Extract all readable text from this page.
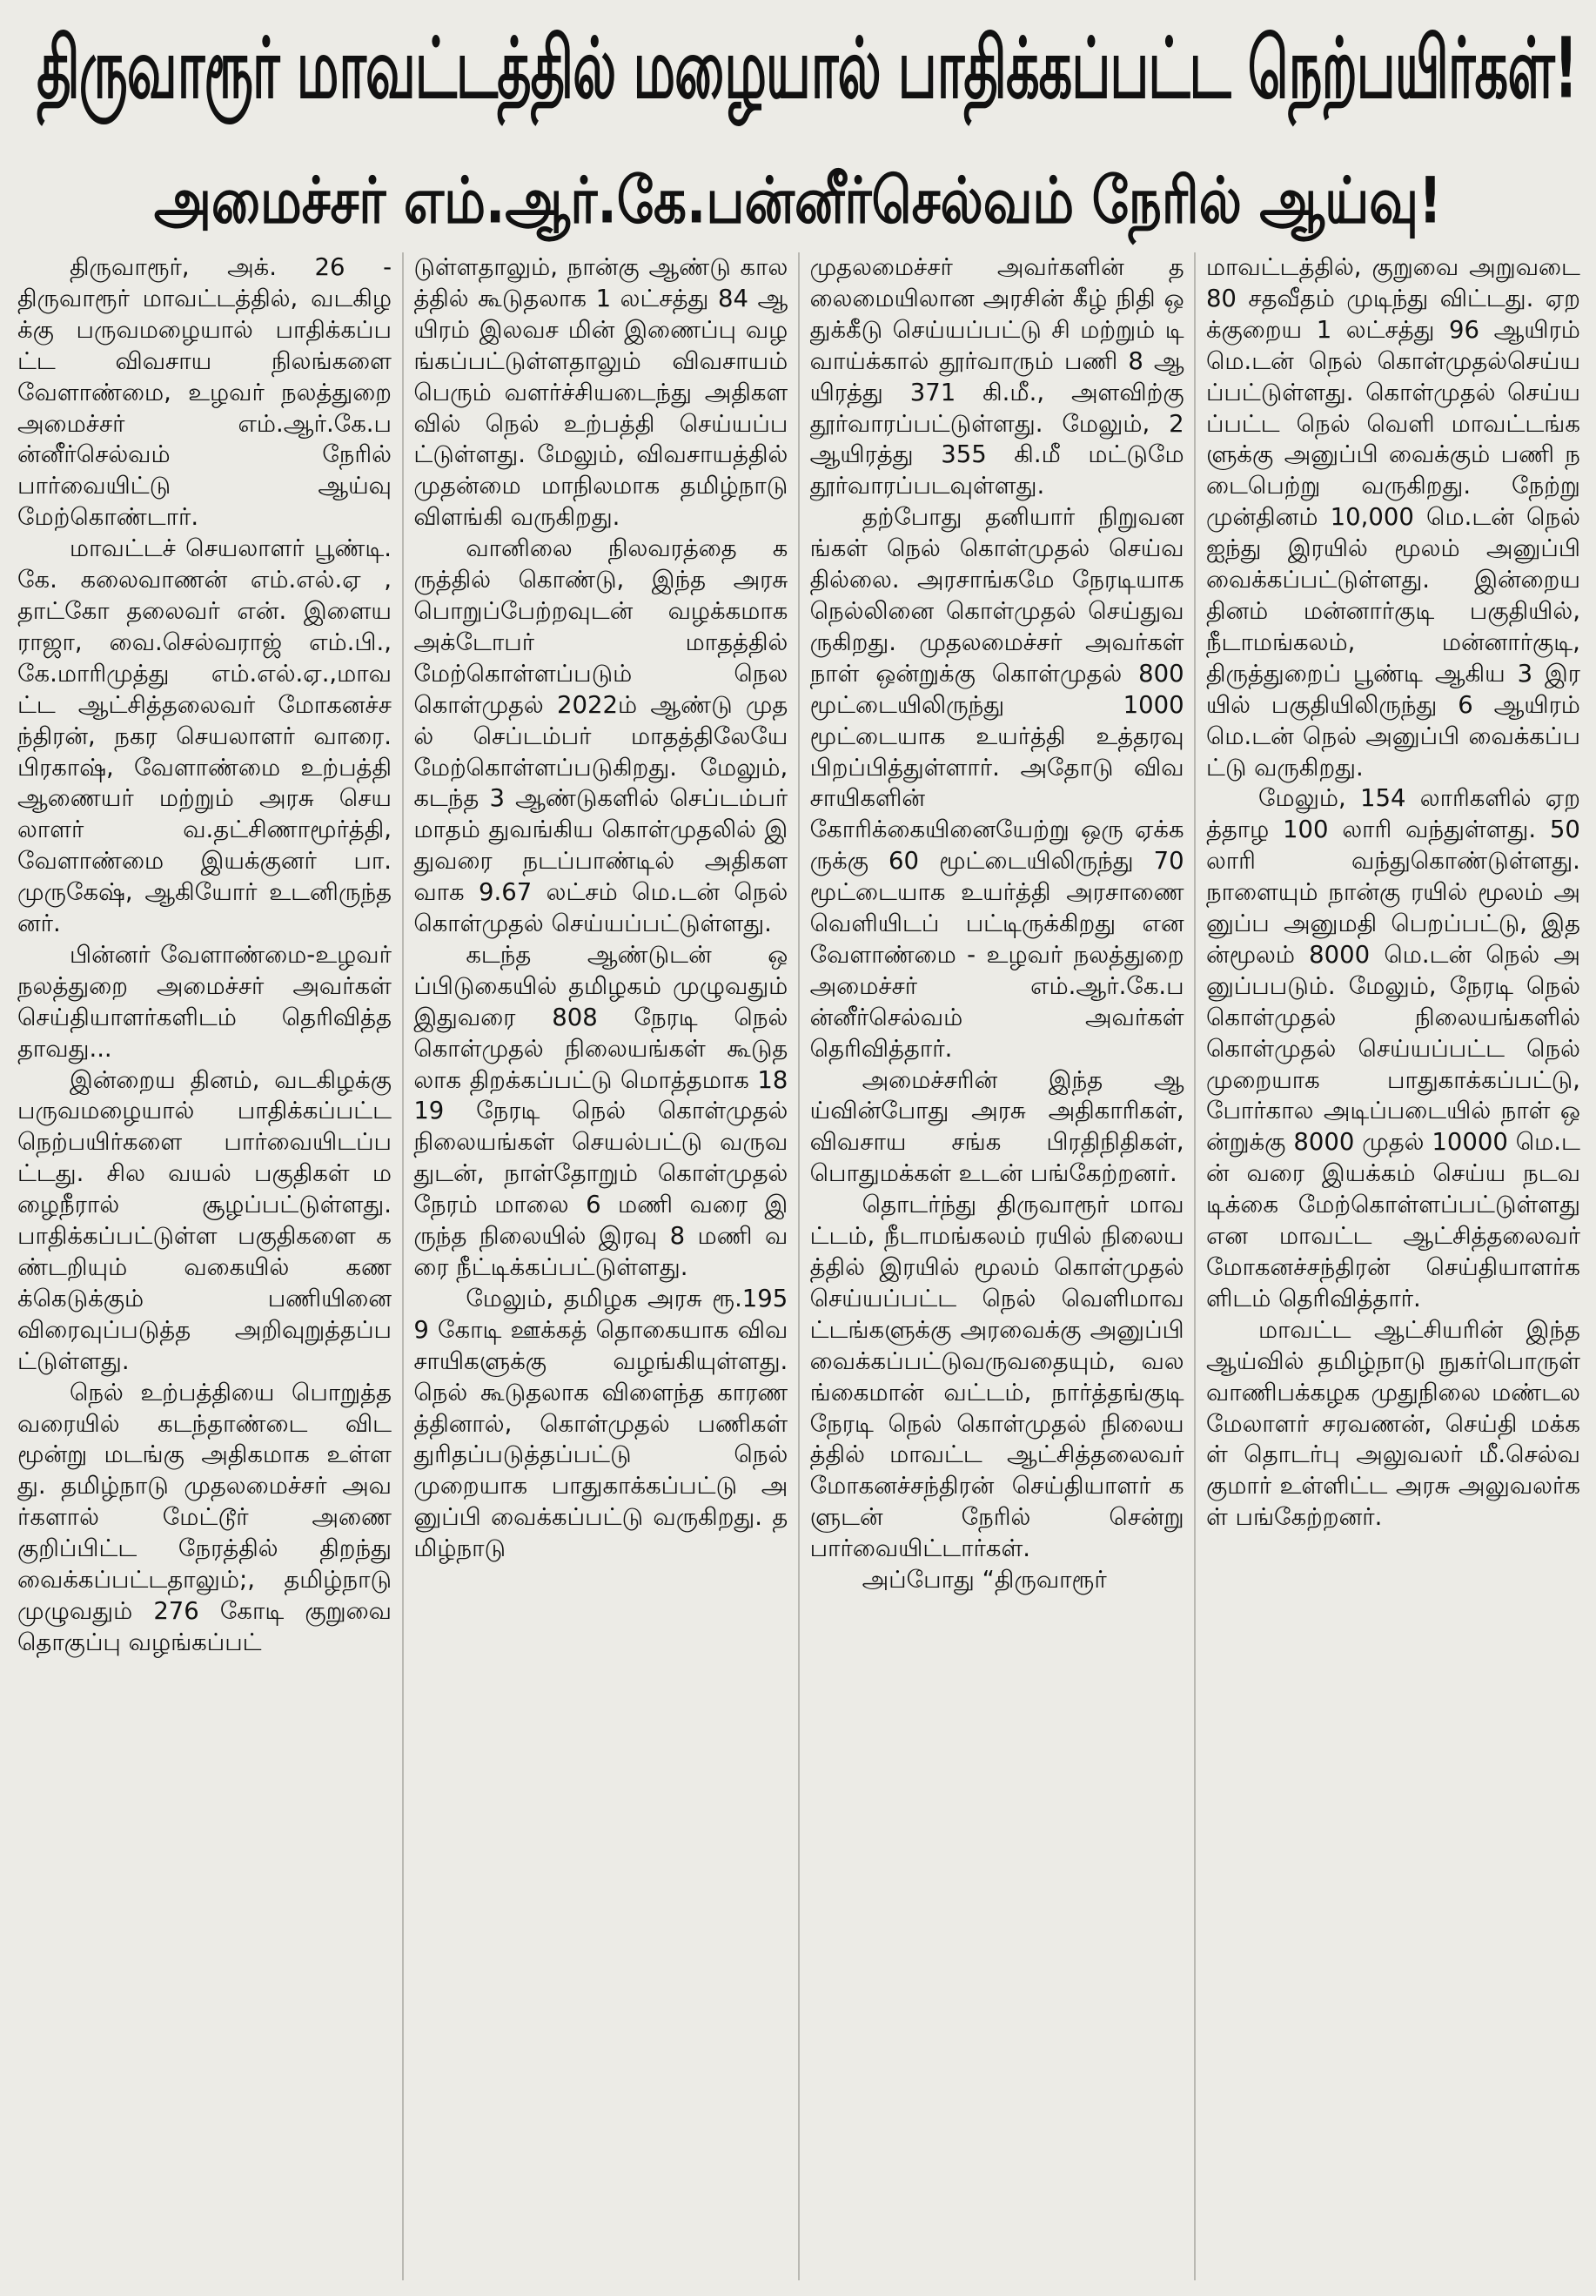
திருவாரூர் மாவட்டத்தில் மழையால் பாதிக்கப்பட்ட நெற்பயிர்கள்!
அமைச்சர் எம்.ஆர்.கே.பன்னீர்செல்வம் நேரில் ஆய்வு!

திருவாரூர், அக். 26 - திருவாரூர் மாவட்டத்தில், வடகிழக்கு பருவமழையால் பாதிக்கப்பட்ட விவசாய நிலங்களை வேளாண்மை, உழவர் நலத்துறை அமைச்சர் எம்.ஆர்.கே.பன்னீர்செல்வம் நேரில் பார்வையிட்டு ஆய்வு மேற்கொண்டார்.

மாவட்டச் செயலாளர் பூண்டி.கே. கலைவாணன் எம்.எல்.ஏ , தாட்கோ தலைவர் என். இளையராஜா, வை.செல்வராஜ் எம்.பி., கே.மாரிமுத்து எம்.எல்.ஏ.,மாவட்ட ஆட்சித்தலைவர் மோகனச்சந்திரன், நகர செயலாளர் வாரை. பிரகாஷ், வேளாண்மை உற்பத்தி ஆணையர் மற்றும் அரசு செயலாளர் வ.தட்சிணாமூர்த்தி, வேளாண்மை இயக்குனர் பா.முருகேஷ், ஆகியோர் உடனிருந்தனர்.

பின்னர் வேளாண்மை-உழவர் நலத்துறை அமைச்சர் அவர்கள் செய்தியாளர்களிடம் தெரிவித்ததாவது...

இன்றைய தினம், வடகிழக்கு பருவமழையால் பாதிக்கப்பட்ட நெற்பயிர்களை பார்வையிடப்பட்டது. சில வயல் பகுதிகள் மழைநீரால் சூழப்பட்டுள்ளது. பாதிக்கப்பட்டுள்ள பகுதிகளை கண்டறியும் வகையில் கணக்கெடுக்கும் பணியினை விரைவுப்படுத்த அறிவுறுத்தப்பட்டுள்ளது.

நெல் உற்பத்தியை பொறுத்த வரையில் கடந்தாண்டை விட மூன்று மடங்கு அதிகமாக உள்ளது. தமிழ்நாடு முதலமைச்சர் அவர்களால் மேட்டூர் அணை குறிப்பிட்ட நேரத்தில் திறந்து வைக்கப்பட்டதாலும்;, தமிழ்நாடு முழுவதும் 276 கோடி குறுவை தொகுப்பு வழங்கப்பட்

டுள்ளதாலும், நான்கு ஆண்டு காலத்தில் கூடுதலாக 1 லட்சத்து 84 ஆயிரம் இலவச மின் இணைப்பு வழங்கப்பட்டுள்ளதாலும் விவசாயம் பெரும் வளர்ச்சியடைந்து அதிகளவில் நெல் உற்பத்தி செய்யப்பட்டுள்ளது. மேலும், விவசாயத்தில் முதன்மை மாநிலமாக தமிழ்நாடு விளங்கி வருகிறது.

வானிலை நிலவரத்தை கருத்தில் கொண்டு, இந்த அரசு பொறுப்பேற்றவுடன் வழக்கமாக அக்டோபர் மாதத்தில் மேற்கொள்ளப்படும் நெல கொள்முதல் 2022ம் ஆண்டு முதல் செப்டம்பர் மாதத்திலேயே மேற்கொள்ளப்படுகிறது. மேலும், கடந்த 3 ஆண்டுகளில் செப்டம்பர் மாதம் துவங்கிய கொள்முதலில் இதுவரை நடப்பாண்டில் அதிகளவாக 9.67 லட்சம் மெ.டன் நெல் கொள்முதல் செய்யப்பட்டுள்ளது.

கடந்த ஆண்டுடன் ஒப்பிடுகையில் தமிழகம் முழுவதும் இதுவரை 808 நேரடி நெல் கொள்முதல் நிலையங்கள் கூடுதலாக திறக்கப்பட்டு மொத்தமாக 1819 நேரடி நெல் கொள்முதல் நிலையங்கள் செயல்பட்டு வருவதுடன், நாள்தோறும் கொள்முதல் நேரம் மாலை 6 மணி வரை இருந்த நிலையில் இரவு 8 மணி வரை நீட்டிக்கப்பட்டுள்ளது.

மேலும், தமிழக அரசு ரூ.1959 கோடி ஊக்கத் தொகையாக விவசாயிகளுக்கு வழங்கியுள்ளது. நெல் கூடுதலாக விளைந்த காரணத்தினால், கொள்முதல் பணிகள் துரிதப்படுத்தப்பட்டு நெல் முறையாக பாதுகாக்கப்பட்டு அனுப்பி வைக்கப்பட்டு வருகிறது. தமிழ்நாடு

முதலமைச்சர் அவர்களின் தலைமையிலான அரசின் கீழ் நிதி ஒதுக்கீடு செய்யப்பட்டு சி மற்றும் டி வாய்க்கால் தூர்வாரும் பணி 8 ஆயிரத்து 371 கி.மீ., அளவிற்கு தூர்வாரப்பட்டுள்ளது. மேலும், 2 ஆயிரத்து 355 கி.மீ மட்டுமே தூர்வாரப்படவுள்ளது.

தற்போது தனியார் நிறுவனங்கள் நெல் கொள்முதல் செய்வதில்லை. அரசாங்கமே நேரடியாக நெல்லினை கொள்முதல் செய்துவருகிறது. முதலமைச்சர் அவர்கள் நாள் ஒன்றுக்கு கொள்முதல் 800 மூட்டையிலிருந்து 1000 மூட்டையாக உயர்த்தி உத்தரவு பிறப்பித்துள்ளார். அதோடு விவசாயிகளின் கோரிக்கையினையேற்று ஒரு ஏக்கருக்கு 60 மூட்டையிலிருந்து 70 மூட்டையாக உயர்த்தி அரசாணை வெளியிடப் பட்டிருக்கிறது என வேளாண்மை - உழவர் நலத்துறை அமைச்சர் எம்.ஆர்.கே.பன்னீர்செல்வம் அவர்கள் தெரிவித்தார்.

அமைச்சரின் இந்த ஆய்வின்போது அரசு அதிகாரிகள், விவசாய சங்க பிரதிநிதிகள், பொதுமக்கள் உடன் பங்கேற்றனர்.

தொடர்ந்து திருவாரூர் மாவட்டம், நீடாமங்கலம் ரயில் நிலையத்தில் இரயில் மூலம் கொள்முதல் செய்யப்பட்ட நெல் வெளிமாவட்டங்களுக்கு அரவைக்கு அனுப்பி வைக்கப்பட்டுவருவதையும், வலங்கைமான் வட்டம், நார்த்தங்குடி நேரடி நெல் கொள்முதல் நிலையத்தில் மாவட்ட ஆட்சித்தலைவர் மோகனச்சந்திரன் செய்தியாளர் களுடன் நேரில் சென்று பார்வையிட்டார்கள்.

அப்போது “திருவாரூர்

மாவட்டத்தில், குறுவை அறுவடை 80 சதவீதம் முடிந்து விட்டது. ஏறக்குறைய 1 லட்சத்து 96 ஆயிரம் மெ.டன் நெல் கொள்முதல்செய்யப்பட்டுள்ளது. கொள்முதல் செய்யப்பட்ட நெல் வெளி மாவட்டங்களுக்கு அனுப்பி வைக்கும் பணி நடைபெற்று வருகிறது. நேற்று முன்தினம் 10,000 மெ.டன் நெல் ஐந்து இரயில் மூலம் அனுப்பி வைக்கப்பட்டுள்ளது. இன்றைய தினம் மன்னார்குடி பகுதியில், நீடாமங்கலம், மன்னார்குடி, திருத்துறைப் பூண்டி ஆகிய 3 இரயில் பகுதியிலிருந்து 6 ஆயிரம் மெ.டன் நெல் அனுப்பி வைக்கப்பட்டு வருகிறது.

மேலும், 154 லாரிகளில் ஏறத்தாழ 100 லாரி வந்துள்ளது. 50 லாரி வந்துகொண்டுள்ளது. நாளையும் நான்கு ரயில் மூலம் அனுப்ப அனுமதி பெறப்பட்டு, இதன்மூலம் 8000 மெ.டன் நெல் அனுப்பபடும். மேலும், நேரடி நெல் கொள்முதல் நிலையங்களில் கொள்முதல் செய்யப்பட்ட நெல் முறையாக பாதுகாக்கப்பட்டு, போர்கால அடிப்படையில் நாள் ஒன்றுக்கு 8000 முதல் 10000 மெ.டன் வரை இயக்கம் செய்ய நடவடிக்கை மேற்கொள்ளப்பட்டுள்ளது என மாவட்ட ஆட்சித்தலைவர் மோகனச்சந்திரன் செய்தியாளர்களிடம் தெரிவித்தார்.

மாவட்ட ஆட்சியரின் இந்த ஆய்வில் தமிழ்நாடு நுகர்பொருள் வாணிபக்கழக முதுநிலை மண்டல மேலாளர் சரவணன், செய்தி மக்கள் தொடர்பு அலுவலர் மீ.செல்வகுமார் உள்ளிட்ட அரசு அலுவலர்கள் பங்கேற்றனர்.
